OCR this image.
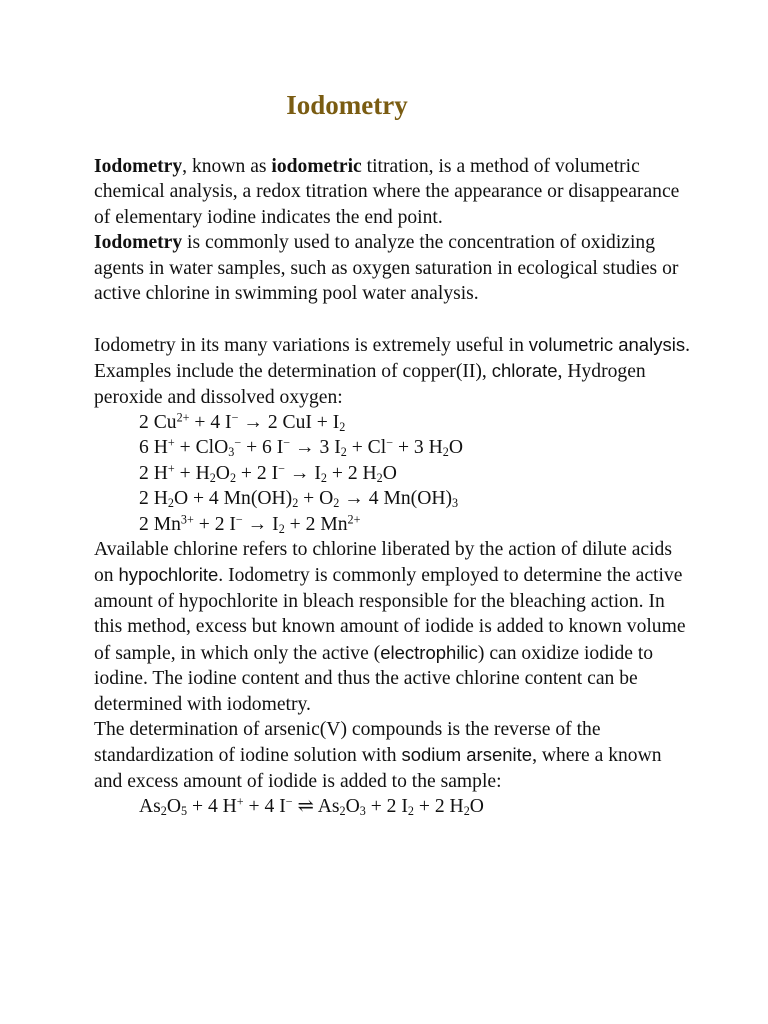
Iodometry

Iodometry, known as iodometric titration, is a method of volumetric chemical analysis, a redox titration where the appearance or disappearance of elementary iodine indicates the end point.

Iodometry is commonly used to analyze the concentration of oxidizing agents in water samples, such as oxygen saturation in ecological studies or active chlorine in swimming pool water analysis.

Iodometry in its many variations is extremely useful in volumetric analysis. Examples include the determination of copper(II), chlorate, Hydrogen peroxide and dissolved oxygen:

2 $Cu^{2+} + 4$ I− → 2 CuI + $I_2$
6 H+ + ClO$_3$− + 6 I− → 3 $I_2 + Cl^- + 3$ $H_2O$
2 $H^+ + H_2O_2 + 2$ $I^- \to I_2 + 2$ $H_2O$
2 $H_2O + 4$ $Mn(OH)_2 + O_2 \to 4$ $Mn(OH)_3$
2 $Mn^{3+} + 2$ $I^- \to I_2 + 2$ $Mn^{2+}$

Available chlorine refers to chlorine liberated by the action of dilute acids on hypochlorite. Iodometry is commonly employed to determine the active amount of hypochlorite in bleach responsible for the bleaching action. In this method, excess but known amount of iodide is added to known volume of sample, in which only the active (electrophilic) can oxidize iodide to iodine. The iodine content and thus the active chlorine content can be determined with iodometry.

The determination of arsenic(V) compounds is the reverse of the standardization of iodine solution with sodium arsenite, where a known and excess amount of iodide is added to the sample:

$As_2O_5 + 4$ H+ + 4 I− ⇌ $As_2O_3 + 2$ $I_2 + 2$ $H_2O$
